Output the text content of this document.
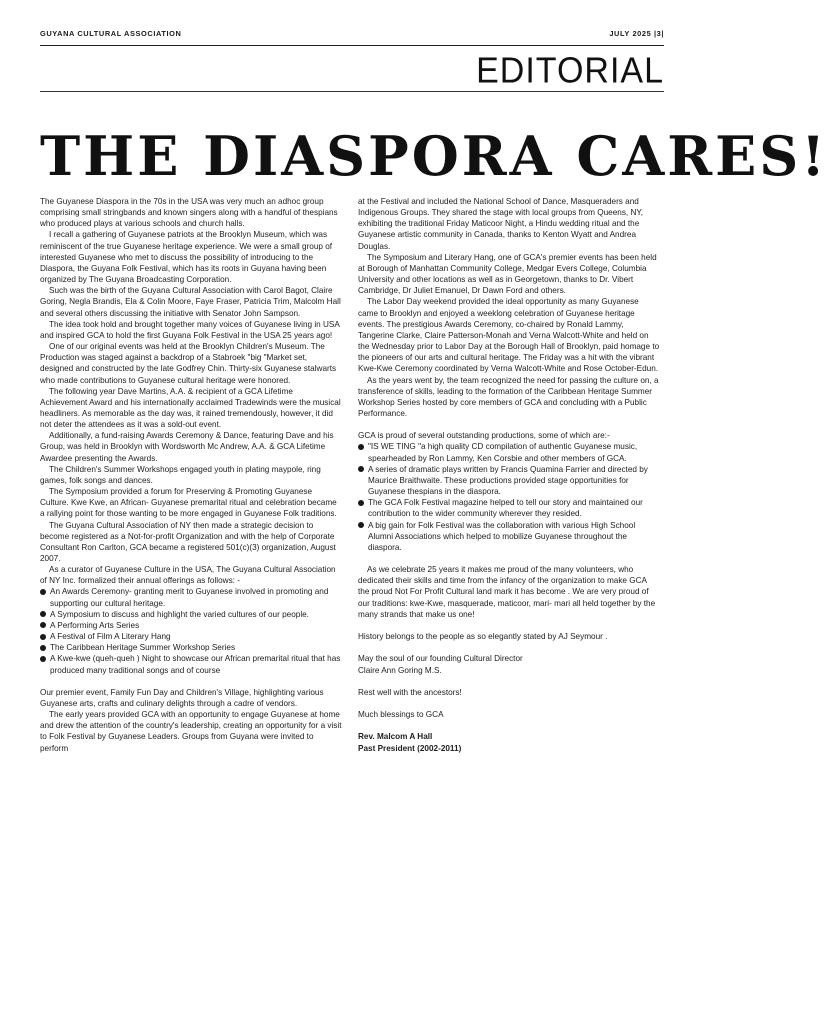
GUYANA CULTURAL ASSOCIATION	JULY 2025 |3|
EDITORIAL
THE DIASPORA CARES!

The Guyanese Diaspora in the 70s in the USA was very much an adhoc group comprising small stringbands and known singers along with a handful of thespians who produced plays at various schools and church halls.

I recall a gathering of Guyanese patriots at the Brooklyn Museum, which was reminiscent of the true Guyanese heritage experience. We were a small group of interested Guyanese who met to discuss the possibility of introducing to the Diaspora, the Guyana Folk Festival, which has its roots in Guyana having been organized by The Guyana Broadcasting Corporation.

Such was the birth of the Guyana Cultural Association with Carol Bagot, Claire Goring, Negla Brandis, Ela & Colin Moore, Faye Fraser, Patricia Trim, Malcolm Hall and several others discussing the initiative with Senator John Sampson.

The idea took hold and brought together many voices of Guyanese living in USA and inspired GCA to hold the first Guyana Folk Festival in the USA 25 years ago!

One of our original events was held at the Brooklyn Children's Museum. The Production was staged against a backdrop of a Stabroek "big "Market set, designed and constructed by the late Godfrey Chin. Thirty-six Guyanese stalwarts who made contributions to Guyanese cultural heritage were honored.

The following year Dave Martins, A.A. & recipient of a GCA Lifetime Achievement Award and his internationally acclaimed Tradewinds were the musical headliners. As memorable as the day was, it rained tremendously, however, it did not deter the attendees as it was a sold-out event.

Additionally, a fund-raising Awards Ceremony & Dance, featuring Dave and his Group, was held in Brooklyn with Wordsworth Mc Andrew, A.A. & GCA Lifetime Awardee presenting the Awards.

The Children's Summer Workshops engaged youth in plating maypole, ring games, folk songs and dances.

The Symposium provided a forum for Preserving & Promoting Guyanese Culture. Kwe Kwe, an African- Guyanese premarital ritual and celebration became a rallying point for those wanting to be more engaged in Guyanese Folk traditions.

The Guyana Cultural Association of NY then made a strategic decision to become registered as a Not-for-profit Organization and with the help of Corporate Consultant Ron Carlton, GCA became a registered 501(c)(3) organization, August 2007.

As a curator of Guyanese Culture in the USA, The Guyana Cultural Association of NY Inc. formalized their annual offerings as follows: -

An Awards Ceremony- granting merit to Guyanese involved in promoting and supporting our cultural heritage.
A Symposium to discuss and highlight the varied cultures of our people.
A Performing Arts Series
A Festival of Film A Literary Hang
The Caribbean Heritage Summer Workshop Series
A Kwe-kwe (queh-queh ) Night to showcase our African premarital ritual that has produced many traditional songs and of course

Our premier event, Family Fun Day and Children's Village, highlighting various Guyanese arts, crafts and culinary delights through a cadre of vendors.

The early years provided GCA with an opportunity to engage Guyanese at home and drew the attention of the country's leadership, creating an opportunity for a visit to Folk Festival by Guyanese Leaders. Groups from Guyana were invited to perform

at the Festival and included the National School of Dance, Masqueraders and Indigenous Groups. They shared the stage with local groups from Queens, NY, exhibiting the traditional Friday Maticoor Night, a Hindu wedding ritual and the Guyanese artistic community in Canada, thanks to Kenton Wyatt and Andrea Douglas.

The Symposium and Literary Hang, one of GCA's premier events has been held at Borough of Manhattan Community College, Medgar Evers College, Columbia University and other locations as well as in Georgetown, thanks to Dr. Vibert Cambridge, Dr Juliet Emanuel, Dr Dawn Ford and others.

The Labor Day weekend provided the ideal opportunity as many Guyanese came to Brooklyn and enjoyed a weeklong celebration of Guyanese heritage events. The prestigious Awards Ceremony, co-chaired by Ronald Lammy, Tangerine Clarke, Claire Patterson-Monah and Verna Walcott-White and held on the Wednesday prior to Labor Day at the Borough Hall of Brooklyn, paid homage to the pioneers of our arts and cultural heritage. The Friday was a hit with the vibrant Kwe-Kwe Ceremony coordinated by Verna Walcott-White and Rose October-Edun.

As the years went by, the team recognized the need for passing the culture on, a transference of skills, leading to the formation of the Caribbean Heritage Summer Workshop Series hosted by core members of GCA and concluding with a Public Performance.

GCA is proud of several outstanding productions, some of which are:-

"IS WE TING "a high quality CD compilation of authentic Guyanese music, spearheaded by Ron Lammy, Ken Corsbie and other members of GCA.
A series of dramatic plays written by Francis Quamina Farrier and directed by Maurice Braithwaite. These productions provided stage opportunities for Guyanese thespians in the diaspora.
The GCA Folk Festival magazine helped to tell our story and maintained our contribution to the wider community wherever they resided.
A big gain for Folk Festival was the collaboration with various High School Alumni Associations which helped to mobilize Guyanese throughout the diaspora.

As we celebrate 25 years it makes me proud of the many volunteers, who dedicated their skills and time from the infancy of the organization to make GCA the proud Not For Profit Cultural land mark it has become . We are very proud of our traditions: kwe-Kwe, masquerade, maticoor, mari- mari all held together by the many strands that make us one!

History belongs to the people as so elegantly stated by AJ Seymour .

May the soul of our founding Cultural Director

Claire Ann Goring M.S.

Rest well with the ancestors!

Much blessings to GCA

Rev. Malcom A Hall

Past President (2002-2011)
